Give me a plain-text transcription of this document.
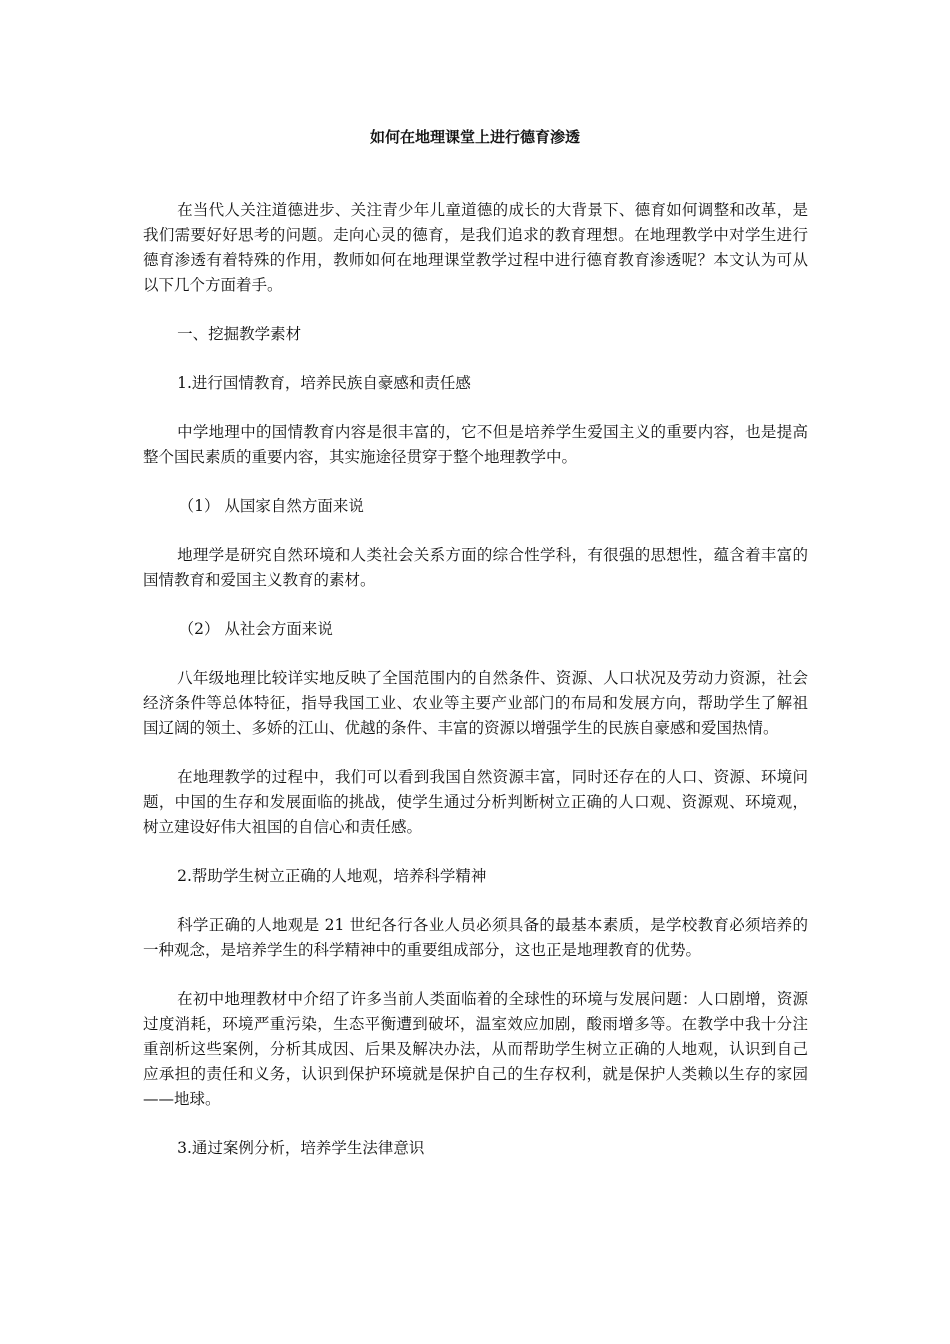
如何在地理课堂上进行德育渗透

在当代人关注道德进步、关注青少年儿童道德的成长的大背景下、德育如何调整和改革，是我们需要好好思考的问题。走向心灵的德育，是我们追求的教育理想。在地理教学中对学生进行德育渗透有着特殊的作用，教师如何在地理课堂教学过程中进行德育教育渗透呢？本文认为可从以下几个方面着手。

一、挖掘教学素材

1.进行国情教育，培养民族自豪感和责任感

中学地理中的国情教育内容是很丰富的，它不但是培养学生爱国主义的重要内容，也是提高整个国民素质的重要内容，其实施途径贯穿于整个地理教学中。

（1） 从国家自然方面来说

地理学是研究自然环境和人类社会关系方面的综合性学科，有很强的思想性，蕴含着丰富的国情教育和爱国主义教育的素材。

（2） 从社会方面来说

八年级地理比较详实地反映了全国范围内的自然条件、资源、人口状况及劳动力资源，社会经济条件等总体特征，指导我国工业、农业等主要产业部门的布局和发展方向，帮助学生了解祖国辽阔的领土、多娇的江山、优越的条件、丰富的资源以增强学生的民族自豪感和爱国热情。

在地理教学的过程中，我们可以看到我国自然资源丰富，同时还存在的人口、资源、环境问题，中国的生存和发展面临的挑战，使学生通过分析判断树立正确的人口观、资源观、环境观，树立建设好伟大祖国的自信心和责任感。

2.帮助学生树立正确的人地观，培养科学精神

科学正确的人地观是 21 世纪各行各业人员必须具备的最基本素质，是学校教育必须培养的一种观念，是培养学生的科学精神中的重要组成部分，这也正是地理教育的优势。

在初中地理教材中介绍了许多当前人类面临着的全球性的环境与发展问题：人口剧增，资源过度消耗，环境严重污染，生态平衡遭到破坏，温室效应加剧，酸雨增多等。在教学中我十分注重剖析这些案例，分析其成因、后果及解决办法，从而帮助学生树立正确的人地观，认识到自己应承担的责任和义务，认识到保护环境就是保护自己的生存权利，就是保护人类赖以生存的家园——地球。

3.通过案例分析，培养学生法律意识
